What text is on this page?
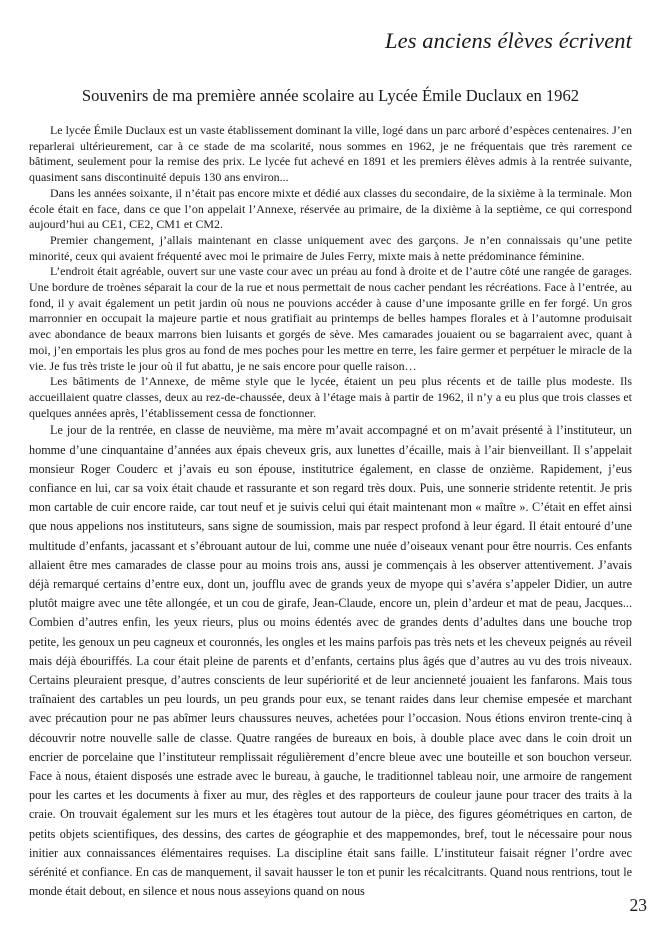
Les anciens élèves écrivent
Souvenirs de ma première année scolaire au Lycée Émile Duclaux en 1962

Le lycée Émile Duclaux est un vaste établissement dominant la ville, logé dans un parc arboré d’espèces centenaires. J’en reparlerai ultérieurement, car à ce stade de ma scolarité, nous sommes en 1962, je ne fréquentais que très rarement ce bâtiment, seulement pour la remise des prix. Le lycée fut achevé en 1891 et les premiers élèves admis à la rentrée suivante, quasiment sans discontinuité depuis 130 ans environ...

Dans les années soixante, il n’était pas encore mixte et dédié aux classes du secondaire, de la sixième à la terminale. Mon école était en face, dans ce que l’on appelait l’Annexe, réservée au primaire, de la dixième à la septième, ce qui correspond aujourd’hui au CE1, CE2, CM1 et CM2.

Premier changement, j’allais maintenant en classe uniquement avec des garçons. Je n’en connaissais qu’une petite minorité, ceux qui avaient fréquenté avec moi le primaire de Jules Ferry, mixte mais à nette prédominance féminine.

L’endroit était agréable, ouvert sur une vaste cour avec un préau au fond à droite et de l’autre côté une rangée de garages. Une bordure de troènes séparait la cour de la rue et nous permettait de nous cacher pendant les récréations. Face à l’entrée, au fond, il y avait également un petit jardin où nous ne pouvions accéder à cause d’une imposante grille en fer forgé. Un gros marronnier en occupait la majeure partie et nous gratifiait au printemps de belles hampes florales et à l’automne produisait avec abondance de beaux marrons bien luisants et gorgés de sève. Mes camarades jouaient ou se bagarraient avec, quant à moi, j’en emportais les plus gros au fond de mes poches pour les mettre en terre, les faire germer et perpétuer le miracle de la vie. Je fus très triste le jour où il fut abattu, je ne sais encore pour quelle raison…

Les bâtiments de l’Annexe, de même style que le lycée, étaient un peu plus récents et de taille plus modeste. Ils accueillaient quatre classes, deux au rez-de-chaussée, deux à l’étage mais à partir de 1962, il n’y a eu plus que trois classes et quelques années après, l’établissement cessa de fonctionner.

Le jour de la rentrée, en classe de neuvième, ma mère m’avait accompagné et on m’avait présenté à l’instituteur, un homme d’une cinquantaine d’années aux épais cheveux gris, aux lunettes d’écaille, mais à l’air bienveillant. Il s’appelait monsieur Roger Couderc et j’avais eu son épouse, institutrice également, en classe de onzième. Rapidement, j’eus confiance en lui, car sa voix était chaude et rassurante et son regard très doux. Puis, une sonnerie stridente retentit. Je pris mon cartable de cuir encore raide, car tout neuf et je suivis celui qui était maintenant mon « maître ». C’était en effet ainsi que nous appelions nos instituteurs, sans signe de soumission, mais par respect profond à leur égard. Il était entouré d’une multitude d’enfants, jacassant et s’ébrouant autour de lui, comme une nuée d’oiseaux venant pour être nourris. Ces enfants allaient être mes camarades de classe pour au moins trois ans, aussi je commençais à les observer attentivement. J’avais déjà remarqué certains d’entre eux, dont un, joufflu avec de grands yeux de myope qui s’avéra s’appeler Didier, un autre plutôt maigre avec une tête allongée, et un cou de girafe, Jean-Claude, encore un, plein d’ardeur et mat de peau, Jacques... Combien d’autres enfin, les yeux rieurs, plus ou moins édentés avec de grandes dents d’adultes dans une bouche trop petite, les genoux un peu cagneux et couronnés, les ongles et les mains parfois pas très nets et les cheveux peignés au réveil mais déjà ébouriffés. La cour était pleine de parents et d’enfants, certains plus âgés que d’autres au vu des trois niveaux. Certains pleuraient presque, d’autres conscients de leur supériorité et de leur ancienneté jouaient les fanfarons. Mais tous traînaient des cartables un peu lourds, un peu grands pour eux, se tenant raides dans leur chemise empesée et marchant avec précaution pour ne pas abîmer leurs chaussures neuves, achetées pour l’occasion. Nous étions environ trente-cinq à découvrir notre nouvelle salle de classe. Quatre rangées de bureaux en bois, à double place avec dans le coin droit un encrier de porcelaine que l’instituteur remplissait régulièrement d’encre bleue avec une bouteille et son bouchon verseur. Face à nous, étaient disposés une estrade avec le bureau, à gauche, le traditionnel tableau noir, une armoire de rangement pour les cartes et les documents à fixer au mur, des règles et des rapporteurs de couleur jaune pour tracer des traits à la craie. On trouvait également sur les murs et les étagères tout autour de la pièce, des figures géométriques en carton, de petits objets scientifiques, des dessins, des cartes de géographie et des mappemondes, bref, tout le nécessaire pour nous initier aux connaissances élémentaires requises. La discipline était sans faille. L’instituteur faisait régner l’ordre avec sérénité et confiance. En cas de manquement, il savait hausser le ton et punir les récalcitrants. Quand nous rentrions, tout le monde était debout, en silence et nous nous asseyions quand on nous

23
